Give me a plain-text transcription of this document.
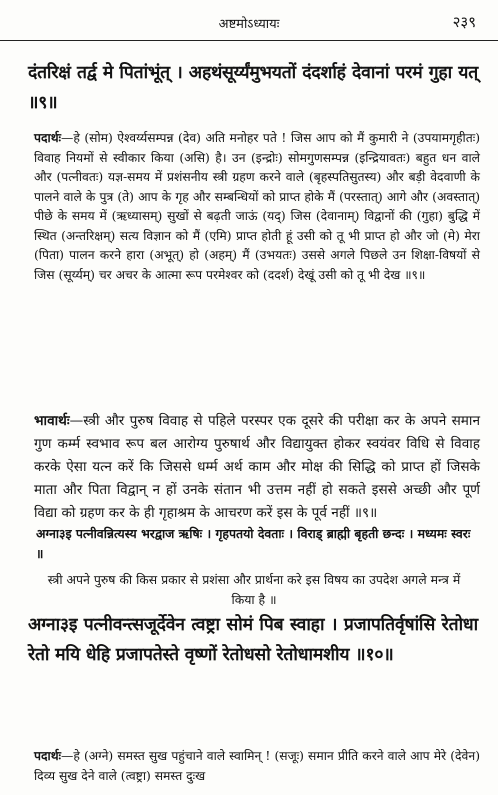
अष्टमोऽध्यायः	२३९
दंतरिक्षं तर्द्व मे पितांभूंत् । अहथंसूर्य्यंमुभयतों दंदर्शाहं देवानां परमं गुहा यत् ॥९॥
पदार्थः—हे (सोम) ऐश्वर्य्यसम्पन्न (देव) अति मनोहर पते ! जिस आप को मैं कुमारी ने (उपयामगृहीतः) विवाह नियमों से स्वीकार किया (असि) है। उन (इन्द्रोः) सोमगुणसम्पन्न (इन्द्रियावतः) बहुत धन वाले और (पत्नीवतः) यज्ञ-समय में प्रशंसनीय स्त्री ग्रहण करने वाले (बृहस्पतिसुतस्य) और बड़ी वेदवाणी के पालने वाले के पुत्र (ते) आप के गृह और सम्बन्धियों को प्राप्त होके मैं (परस्तात्) आगे और (अवस्तात्) पीछे के समय में (ऋध्यासम्) सुखों से बढ़ती जाऊं (यद्) जिस (देवानाम्) विद्वानों की (गुहा) बुद्धि में स्थित (अन्तरिक्षम्) सत्य विज्ञान को मैं (एमि) प्राप्त होती हूं उसी को तू भी प्राप्त हो और जो (मे) मेरा (पिता) पालन करने हारा (अभूत्) हो (अहम्) मैं (उभयतः) उससे अगले पिछले उन शिक्षा-विषयों से जिस (सूर्य्यम्) चर अचर के आत्मा रूप परमेश्वर को (ददर्श) देखूं उसी को तू भी देख ॥९॥
भावार्थः—स्त्री और पुरुष विवाह से पहिले परस्पर एक दूसरे की परीक्षा कर के अपने समान गुण कर्म्म स्वभाव रूप बल आरोग्य पुरुषार्थ और विद्यायुक्त होकर स्वयंवर विधि से विवाह करके ऐसा यत्न करें कि जिससे धर्म्म अर्थ काम और मोक्ष की सिद्धि को प्राप्त हों जिसके माता और पिता विद्वान् न हों उनके संतान भी उत्तम नहीं हो सकते इससे अच्छी और पूर्ण विद्या को ग्रहण कर के ही गृहाश्रम के आचरण करें इस के पूर्व नहीं ॥९॥
अग्ना३इ पत्नीवन्नित्यस्य भरद्वाज ऋषिः । गृहपतयो देवताः । विराड् ब्राह्मी बृहती छन्दः । मध्यमः स्वरः ॥
स्त्री अपने पुरुष की किस प्रकार से प्रशंसा और प्रार्थना करे इस विषय का उपदेश अगले मन्त्र में किया है ॥
अग्ना३इ पत्नीवन्त्सजूर्देवेन त्वष्ट्रा सोमं पिब स्वाहा । प्रजापतिर्वृषांसि रेतोधा रेतो मयि धेहि प्रजापतेस्ते वृष्णों रेतोधसो रेतोधामशीय ॥१०॥
पदार्थः—हे (अग्ने) समस्त सुख पहुंचाने वाले स्वामिन् ! (सजूः) समान प्रीति करने वाले आप मेरे (देवेन) दिव्य सुख देने वाले (त्वष्ट्रा) समस्त दुःख
